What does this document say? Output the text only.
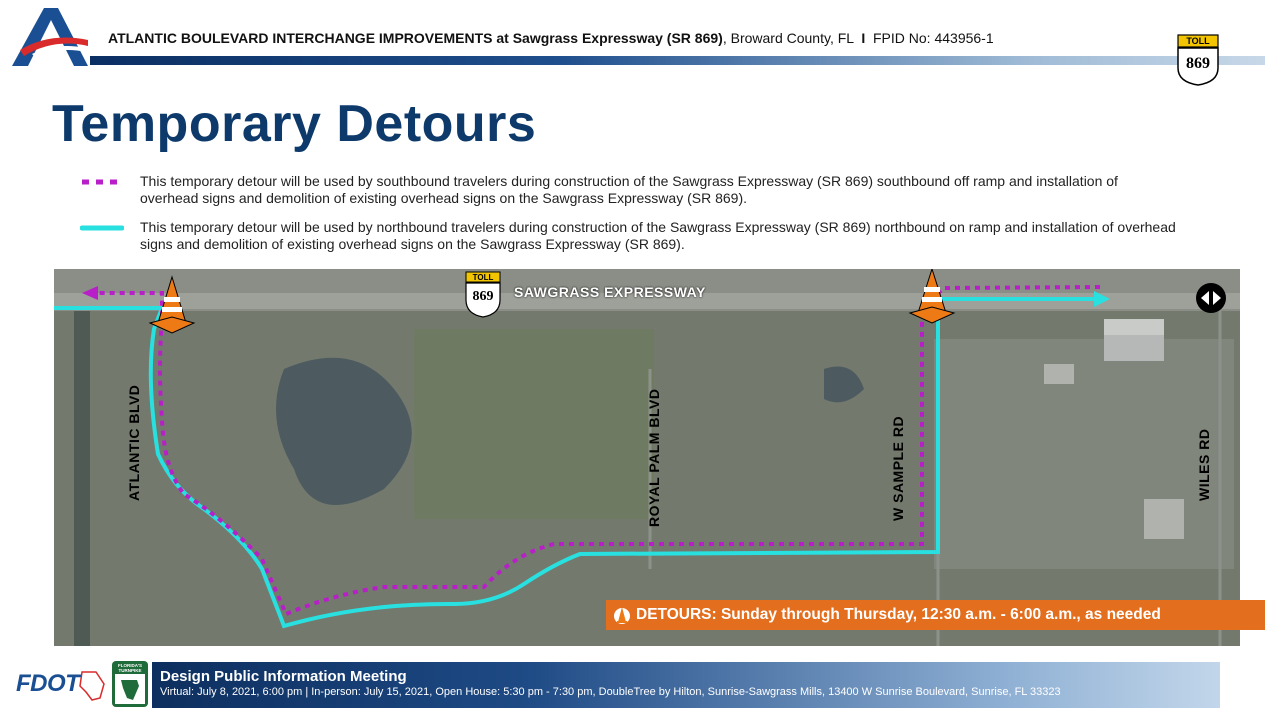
ATLANTIC BOULEVARD INTERCHANGE IMPROVEMENTS at Sawgrass Expressway (SR 869), Broward County, FL I FPID No: 443956-1	TOLL
869
Temporary Detours
This temporary detour will be used by southbound travelers during construction of the Sawgrass Expressway (SR 869) southbound off ramp and installation of overhead signs and demolition of existing overhead signs on the Sawgrass Expressway (SR 869).
This temporary detour will be used by northbound travelers during construction of the Sawgrass Expressway (SR 869) northbound on ramp and installation of overhead signs and demolition of existing overhead signs on the Sawgrass Expressway (SR 869).
TOLL
869	SAWGRASS EXPRESSWAY
ATLANTIC BLVD	ROYAL PALM BLVD	W SAMPLE RD	WILES RD
DETOURS: Sunday through Thursday, 12:30 a.m. - 6:00 a.m., as needed
FDOT
FLORIDA'S TURNPIKE	Design Public Information Meeting
Virtual: July 8, 2021, 6:00 pm | In-person: July 15, 2021, Open House: 5:30 pm - 7:30 pm, DoubleTree by Hilton, Sunrise-Sawgrass Mills, 13400 W Sunrise Boulevard, Sunrise, FL 33323
